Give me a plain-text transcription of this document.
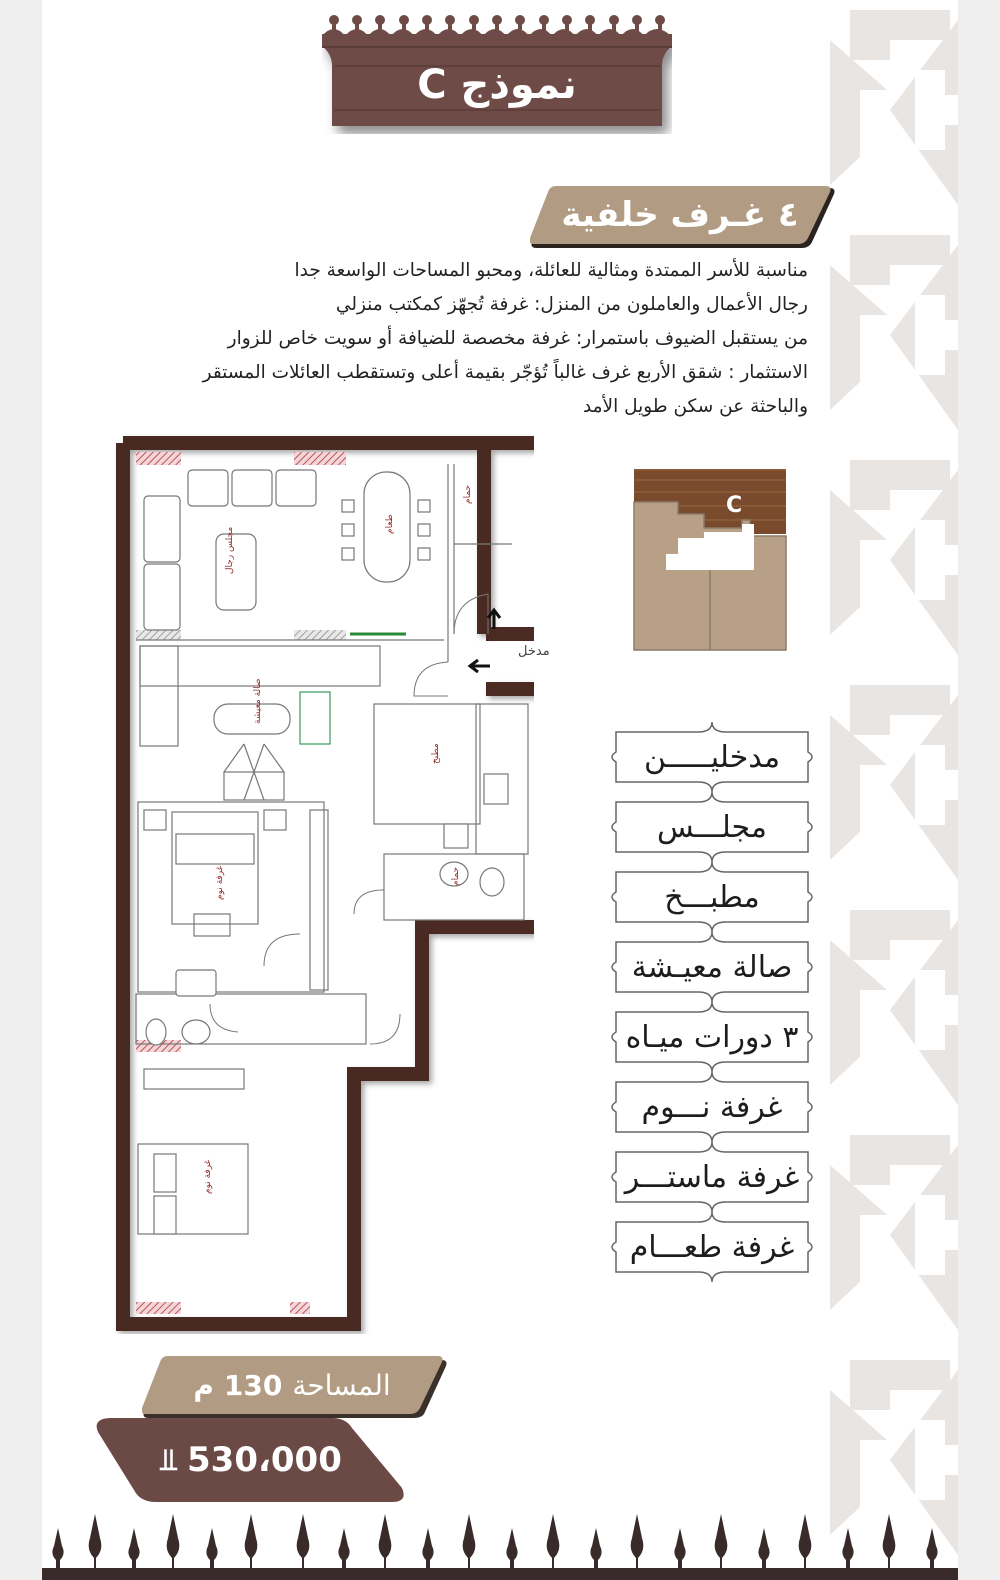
نموذج C
٤ غـرف خلفية

مناسبة للأسر الممتدة ومثالية للعائلة، ومحبو المساحات الواسعة جدا

رجال الأعمال والعاملون من المنزل: غرفة تُجهّز كمكتب منزلي

من يستقبل الضيوف باستمرار: غرفة مخصصة للضيافة أو سويت خاص للزوار

الاستثمار : شقق الأربع غرف غالباً تُؤجّر بقيمة أعلى وتستقطب العائلات المستقر

والباحثة عن سكن طويل الأمد

مجلس رجال
طعام
حمام
صالة معيشة
مطبخ
غرفة نوم	حمام
غرفة نوم
مدخل
C
مدخليـــــن
مجلـــس
مطبـــخ
صالة معيـشة
٣ دورات ميـاه
غرفة نـــوم
غرفة ماستـــر
غرفة طعـــام
المساحة
130
م
⫫ 530،000
